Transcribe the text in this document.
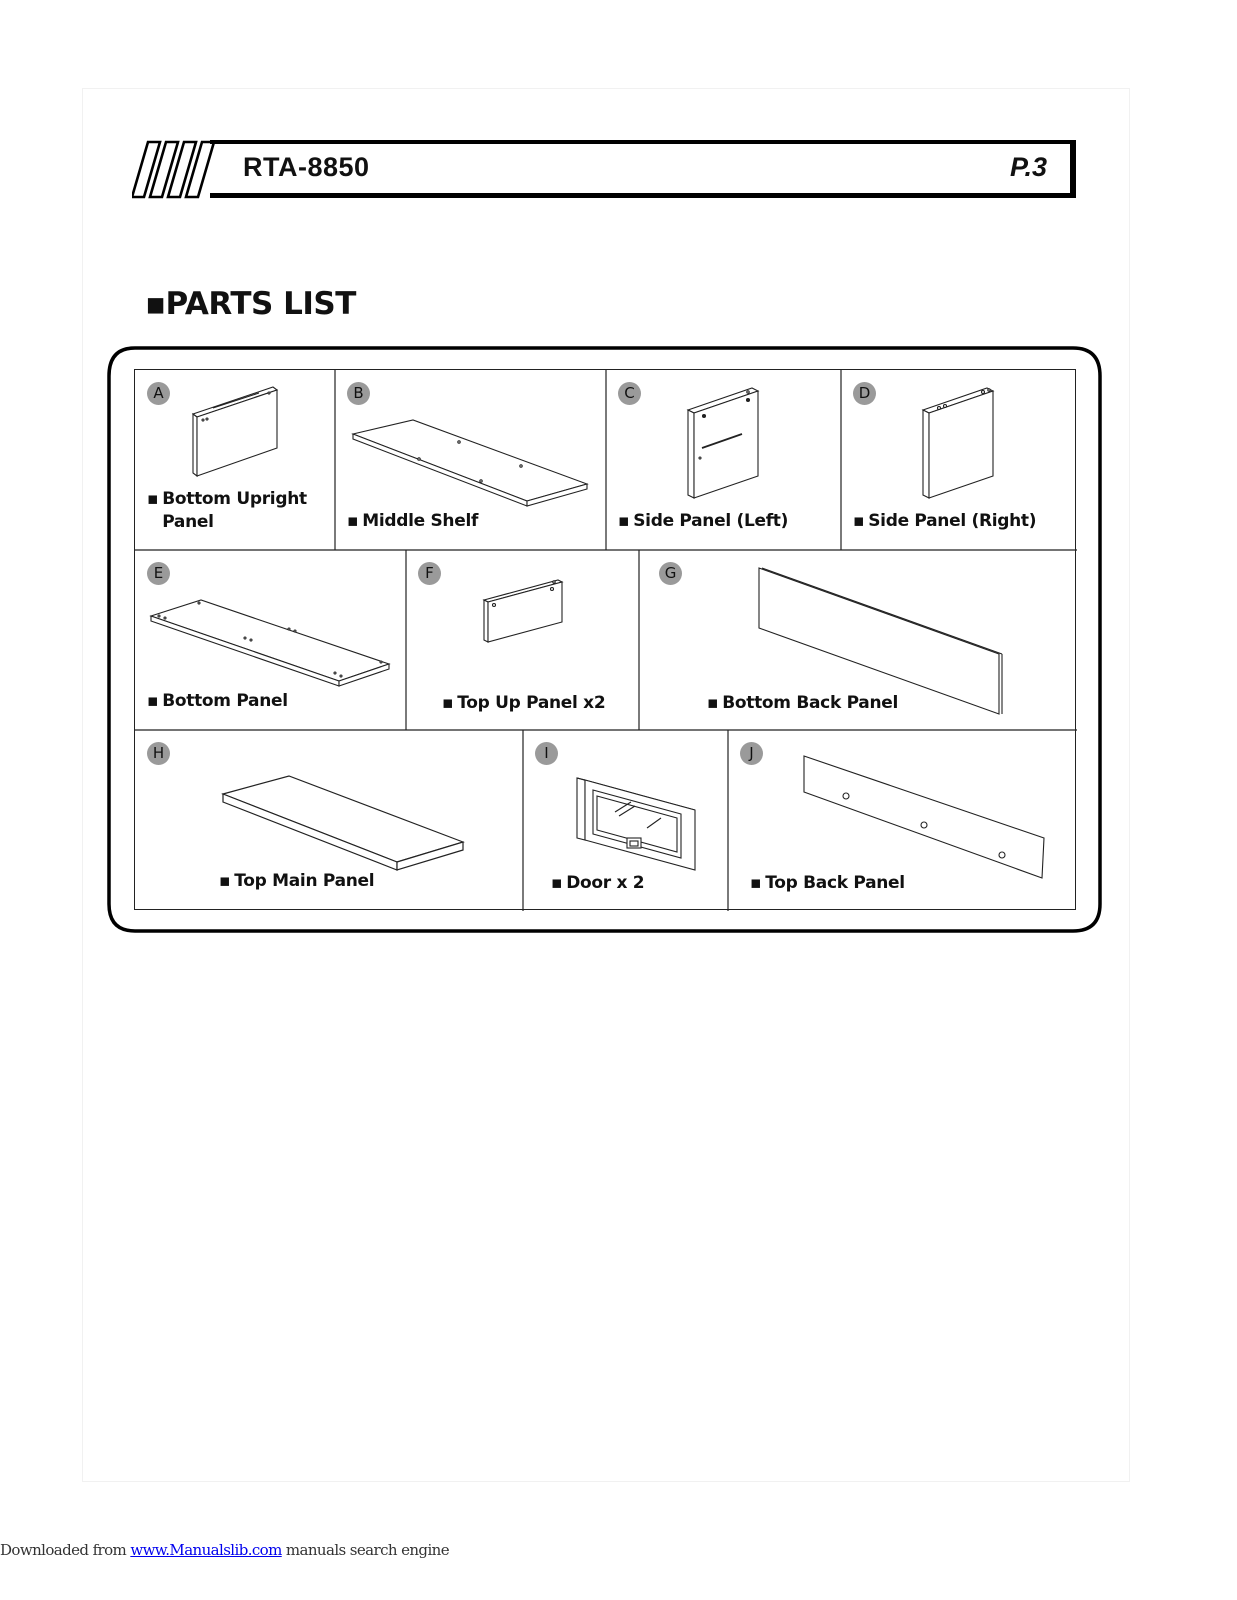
RTA-8850	P.3
▪PARTS LIST
A
▪ Bottom Upright
Panel
B
▪ Middle Shelf
C
▪ Side Panel (Left)
D
▪ Side Panel (Right)
E
▪ Bottom Panel
F
▪ Top Up Panel x2
G
▪ Bottom Back Panel
H
▪ Top Main Panel
I
▪ Door x 2
J
▪ Top Back Panel
Downloaded from www.Manualslib.com manuals search engine
